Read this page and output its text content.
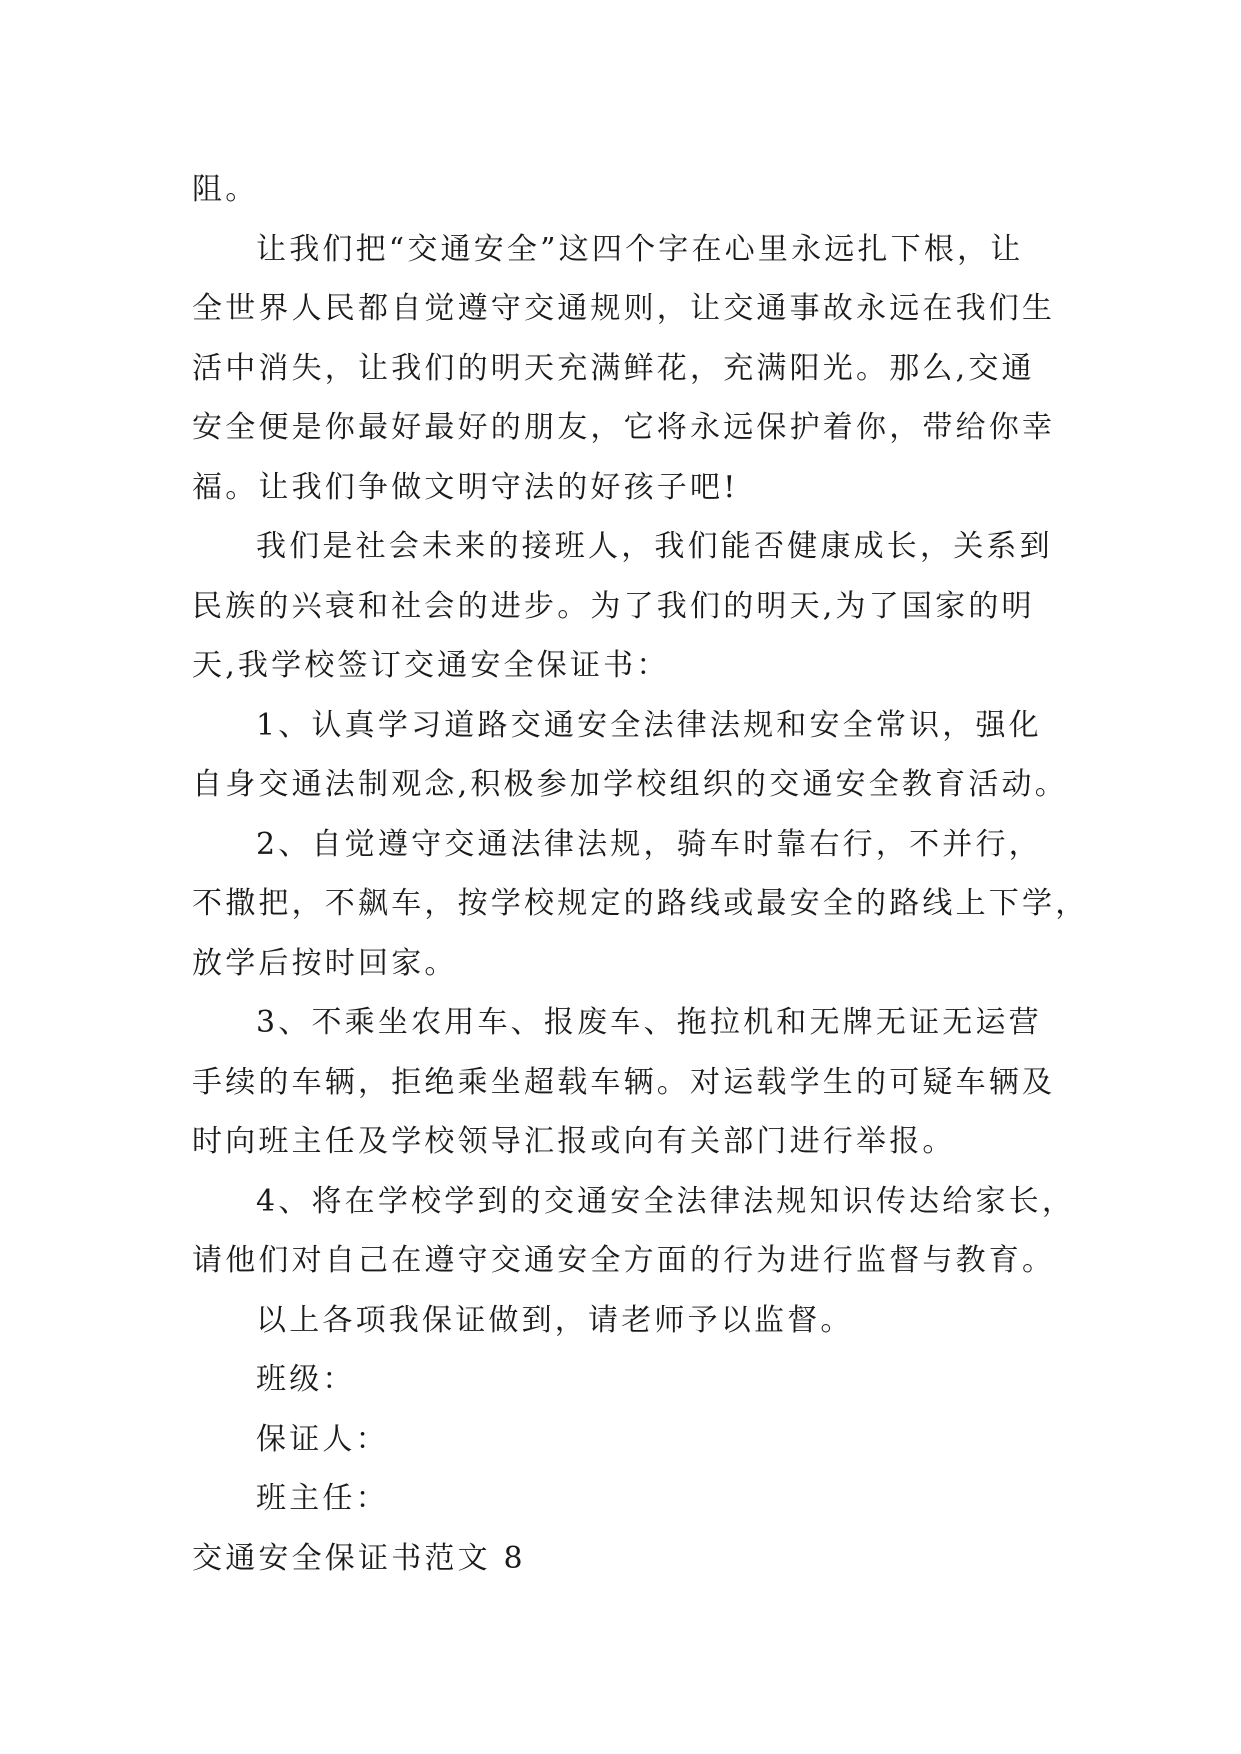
阻。
让我们把“交通安全”这四个字在心里永远扎下根，让
全世界人民都自觉遵守交通规则，让交通事故永远在我们生
活中消失，让我们的明天充满鲜花，充满阳光。那么,交通
安全便是你最好最好的朋友，它将永远保护着你，带给你幸
福。让我们争做文明守法的好孩子吧!
我们是社会未来的接班人，我们能否健康成长，关系到
民族的兴衰和社会的进步。为了我们的明天,为了国家的明
天,我学校签订交通安全保证书：
1、认真学习道路交通安全法律法规和安全常识，强化
自身交通法制观念,积极参加学校组织的交通安全教育活动。
2、自觉遵守交通法律法规，骑车时靠右行，不并行，
不撒把，不飙车，按学校规定的路线或最安全的路线上下学，
放学后按时回家。
3、不乘坐农用车、报废车、拖拉机和无牌无证无运营
手续的车辆，拒绝乘坐超载车辆。对运载学生的可疑车辆及
时向班主任及学校领导汇报或向有关部门进行举报。
4、将在学校学到的交通安全法律法规知识传达给家长，
请他们对自己在遵守交通安全方面的行为进行监督与教育。
以上各项我保证做到，请老师予以监督。
班级：
保证人：
班主任：
交通安全保证书范文 8
